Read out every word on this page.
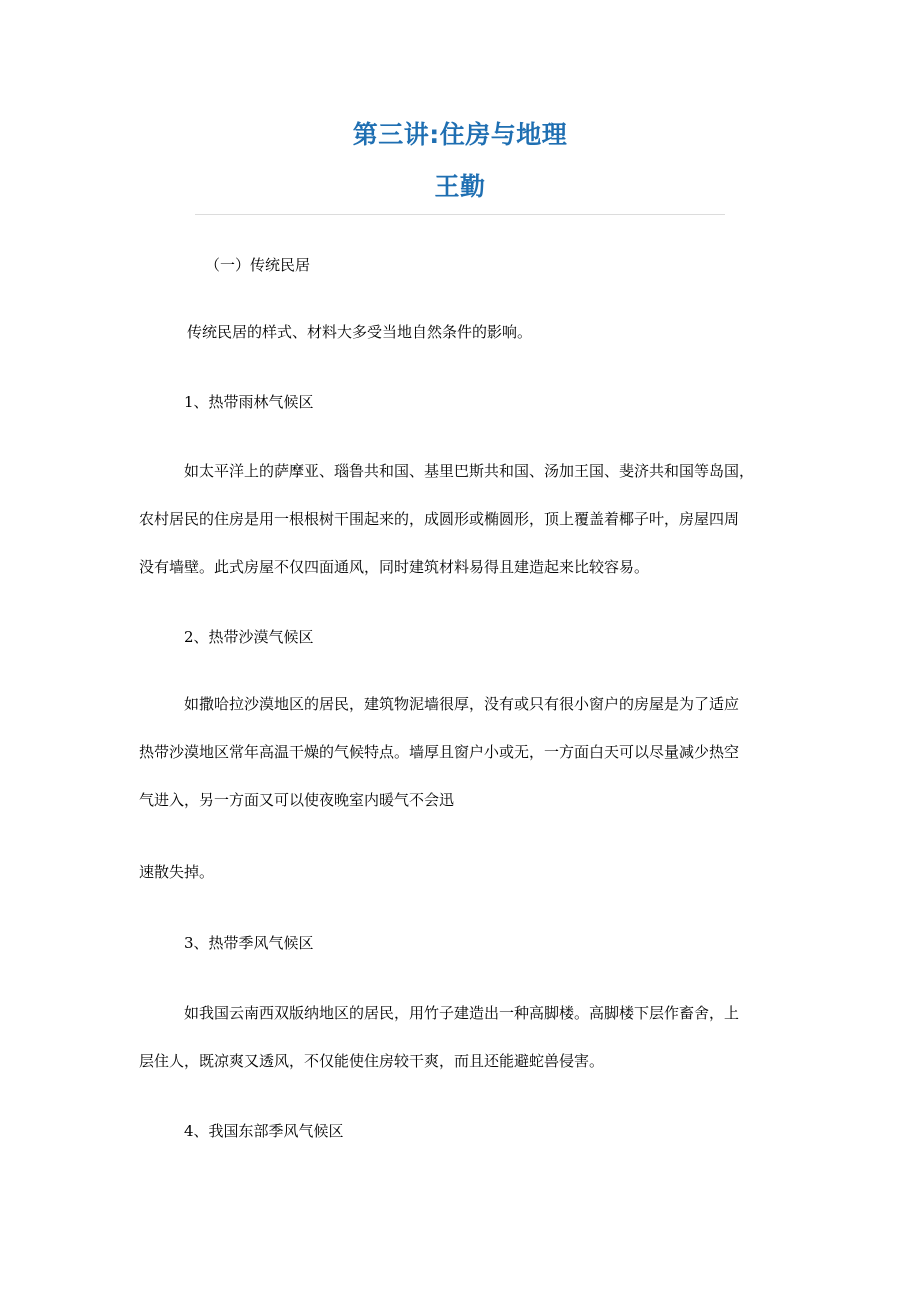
第三讲:住房与地理
王勤
（一）传统民居
传统民居的样式、材料大多受当地自然条件的影响。
1、热带雨林气候区
如太平洋上的萨摩亚、瑙鲁共和国、基里巴斯共和国、汤加王国、斐济共和国等岛国，
农村居民的住房是用一根根树干围起来的，成圆形或椭圆形，顶上覆盖着椰子叶，房屋四周
没有墙壁。此式房屋不仅四面通风，同时建筑材料易得且建造起来比较容易。
2、热带沙漠气候区
如撒哈拉沙漠地区的居民，建筑物泥墙很厚，没有或只有很小窗户的房屋是为了适应
热带沙漠地区常年高温干燥的气候特点。墙厚且窗户小或无，一方面白天可以尽量减少热空
气进入，另一方面又可以使夜晚室内暖气不会迅
速散失掉。
3、热带季风气候区
如我国云南西双版纳地区的居民，用竹子建造出一种高脚楼。高脚楼下层作畜舍，上
层住人，既凉爽又透风，不仅能使住房较干爽，而且还能避蛇兽侵害。
4、我国东部季风气候区
